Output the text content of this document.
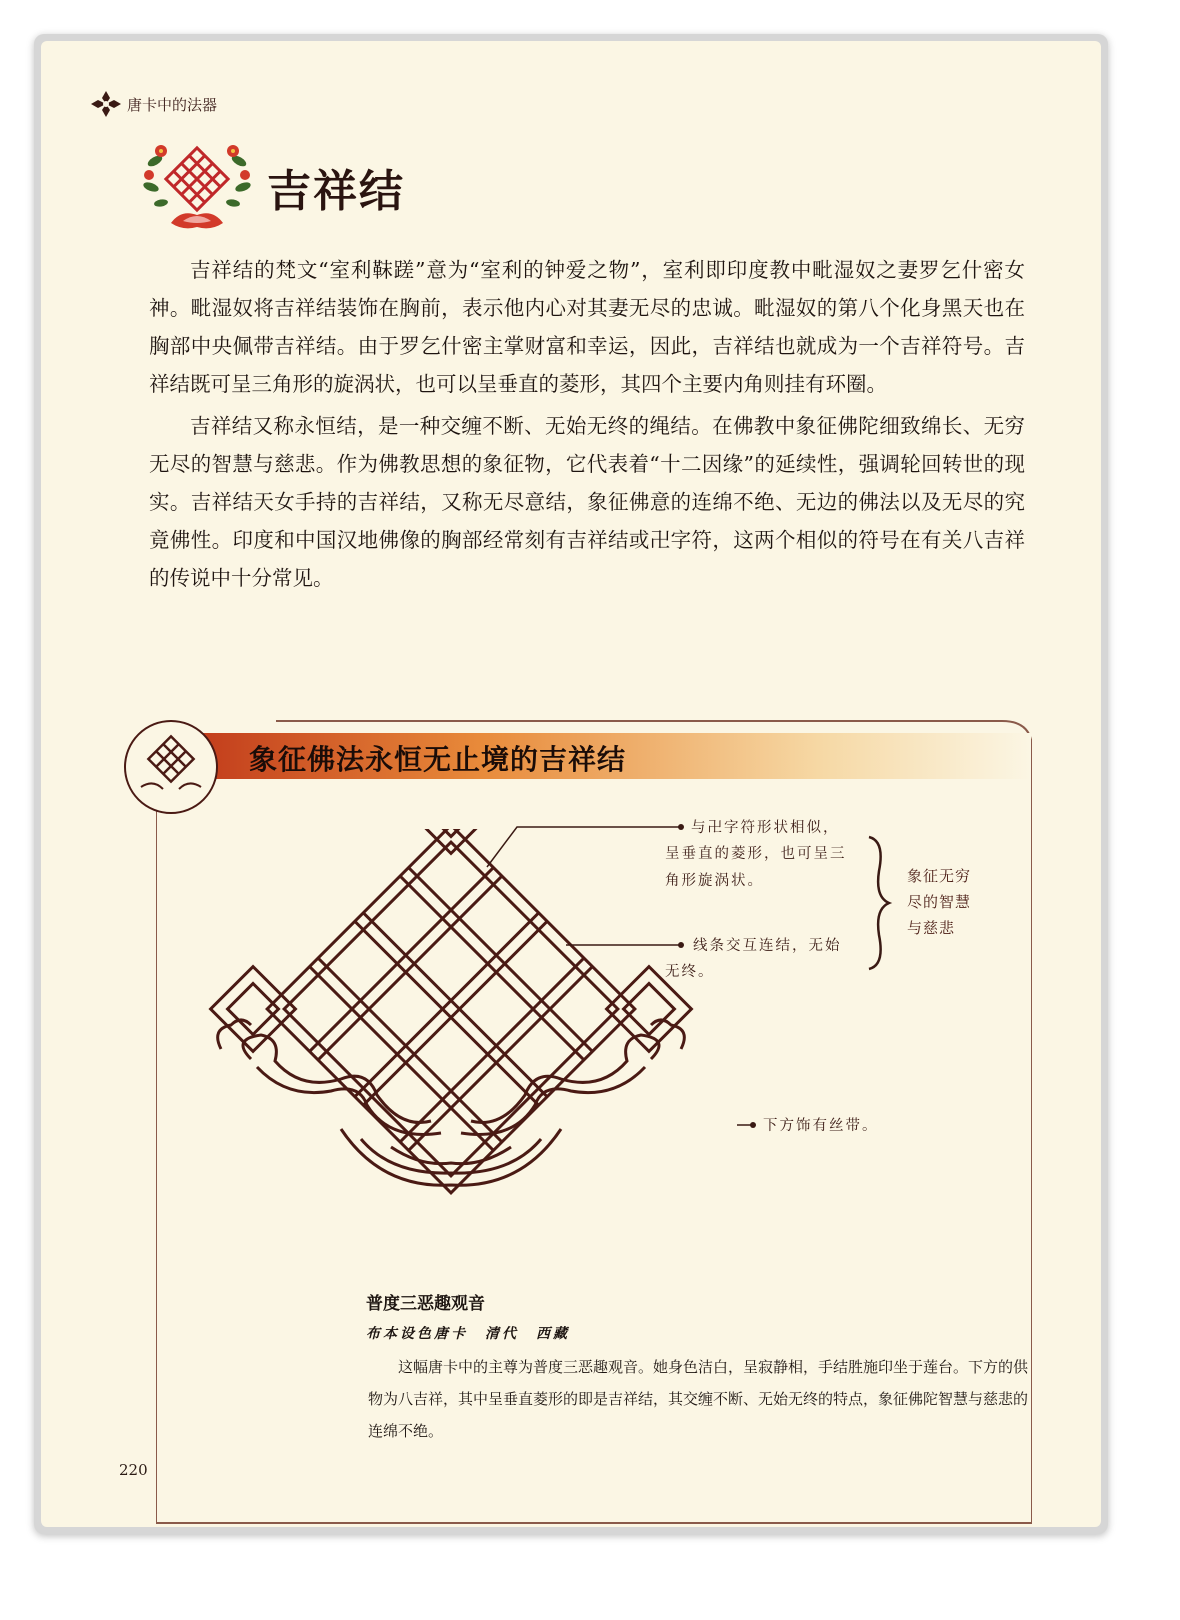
唐卡中的法器
吉祥结

吉祥结的梵文“室利靺蹉”意为“室利的钟爱之物”，室利即印度教中毗湿奴之妻罗乞什密女神。毗湿奴将吉祥结装饰在胸前，表示他内心对其妻无尽的忠诚。毗湿奴的第八个化身黑天也在胸部中央佩带吉祥结。由于罗乞什密主掌财富和幸运，因此，吉祥结也就成为一个吉祥符号。吉祥结既可呈三角形的旋涡状，也可以呈垂直的菱形，其四个主要内角则挂有环圈。

吉祥结又称永恒结，是一种交缠不断、无始无终的绳结。在佛教中象征佛陀细致绵长、无穷无尽的智慧与慈悲。作为佛教思想的象征物，它代表着“十二因缘”的延续性，强调轮回转世的现实。吉祥结天女手持的吉祥结，又称无尽意结，象征佛意的连绵不绝、无边的佛法以及无尽的究竟佛性。印度和中国汉地佛像的胸部经常刻有吉祥结或卍字符，这两个相似的符号在有关八吉祥的传说中十分常见。

象征佛法永恒无止境的吉祥结
与卍字符形状相似，
呈垂直的菱形，也可呈三
角形旋涡状。
线条交互连结，无始
无终。
下方饰有丝带。
象征无穷
尽的智慧
与慈悲
普度三恶趣观音
布本设色唐卡　清代　西藏

这幅唐卡中的主尊为普度三恶趣观音。她身色洁白，呈寂静相，手结胜施印坐于莲台。下方的供物为八吉祥，其中呈垂直菱形的即是吉祥结，其交缠不断、无始无终的特点，象征佛陀智慧与慈悲的连绵不绝。

220
